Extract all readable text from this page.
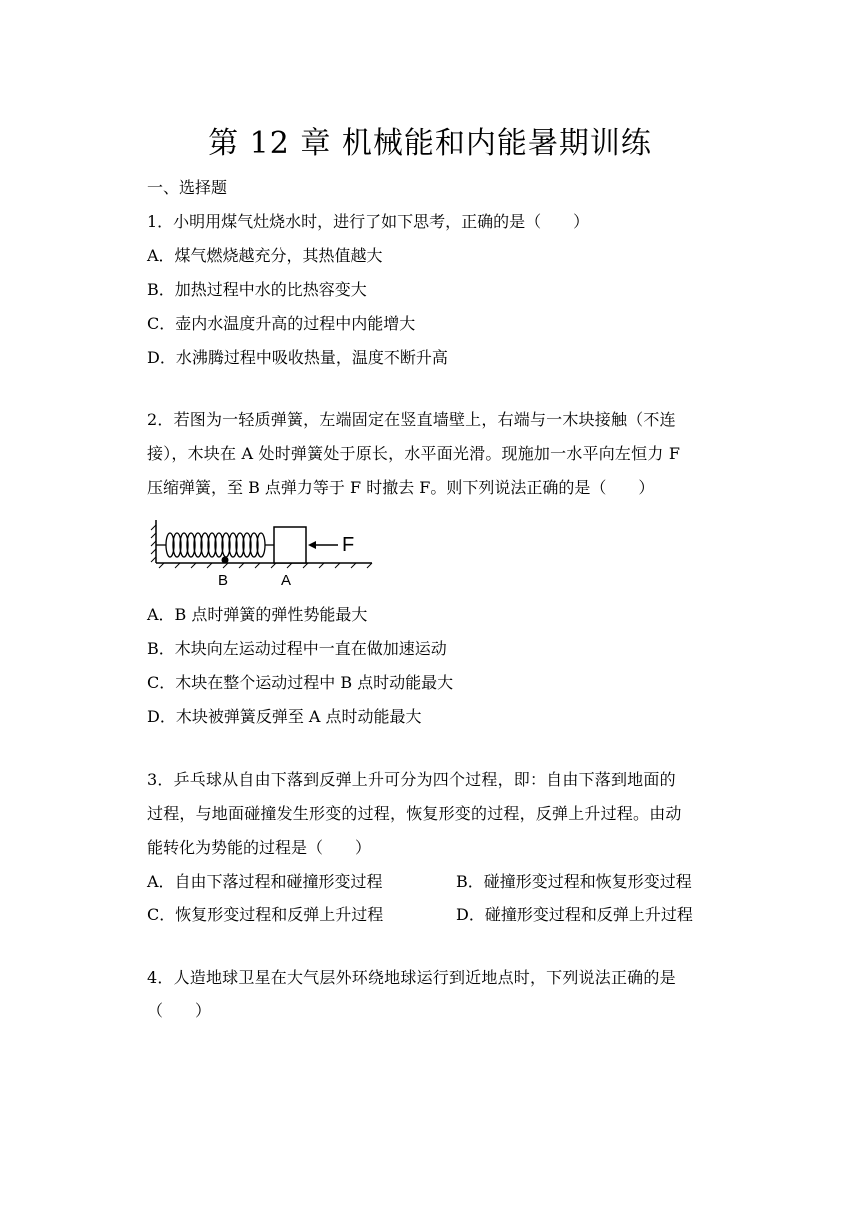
第 12 章 机械能和内能暑期训练
一、选择题
1．小明用煤气灶烧水时，进行了如下思考，正确的是（　　）
A．煤气燃烧越充分，其热值越大
B．加热过程中水的比热容变大
C．壶内水温度升高的过程中内能增大
D．水沸腾过程中吸收热量，温度不断升高
2．若图为一轻质弹簧，左端固定在竖直墙壁上，右端与一木块接触（不连
接），木块在 A 处时弹簧处于原长，水平面光滑。现施加一水平向左恒力 F
压缩弹簧，至 B 点弹力等于 F 时撤去 F。则下列说法正确的是（　　）
F
B	A
A．B 点时弹簧的弹性势能最大
B．木块向左运动过程中一直在做加速运动
C．木块在整个运动过程中 B 点时动能最大
D．木块被弹簧反弹至 A 点时动能最大
3．乒乓球从自由下落到反弹上升可分为四个过程，即：自由下落到地面的
过程，与地面碰撞发生形变的过程，恢复形变的过程，反弹上升过程。由动
能转化为势能的过程是（　　）
A．自由下落过程和碰撞形变过程	B．碰撞形变过程和恢复形变过程
C．恢复形变过程和反弹上升过程	D．碰撞形变过程和反弹上升过程
4．人造地球卫星在大气层外环绕地球运行到近地点时，下列说法正确的是
（　　）
